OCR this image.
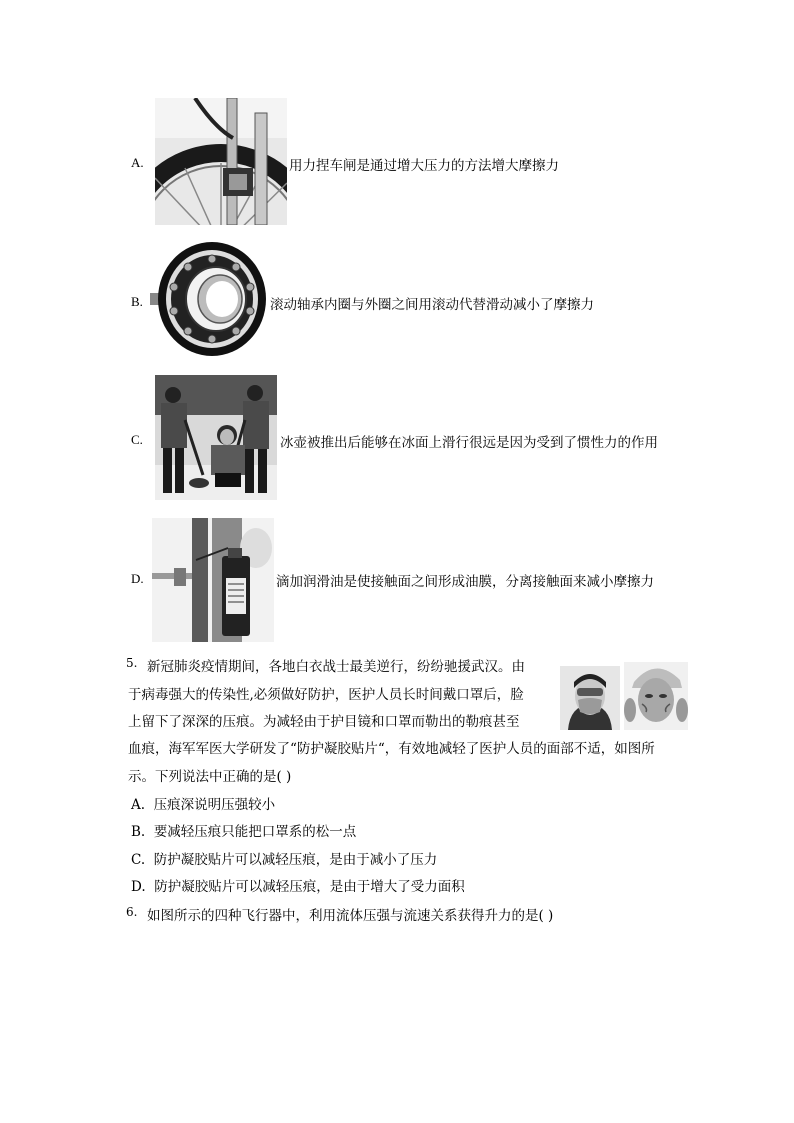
A.	用力捏车闸是通过增大压力的方法增大摩擦力
B.	滚动轴承内圈与外圈之间用滚动代替滑动减小了摩擦力
C.	冰壶被推出后能够在冰面上滑行很远是因为受到了惯性力的作用
D.	滴加润滑油是使接触面之间形成油膜，分离接触面来减小摩擦力
5. 新冠肺炎疫情期间，各地白衣战士最美逆行，纷纷驰援武汉。由
于病毒强大的传染性,必须做好防护，医护人员长时间戴口罩后，脸
上留下了深深的压痕。为减轻由于护目镜和口罩而勒出的勒痕甚至
血痕，海军军医大学研发了“防护凝胶贴片“，有效地减轻了医护人员的面部不适，如图所
示。下列说法中正确的是( )
A. 压痕深说明压强较小
B. 要减轻压痕只能把口罩系的松一点
C. 防护凝胶贴片可以减轻压痕，是由于减小了压力
D. 防护凝胶贴片可以减轻压痕，是由于增大了受力面积
6. 如图所示的四种飞行器中，利用流体压强与流速关系获得升力的是( )
